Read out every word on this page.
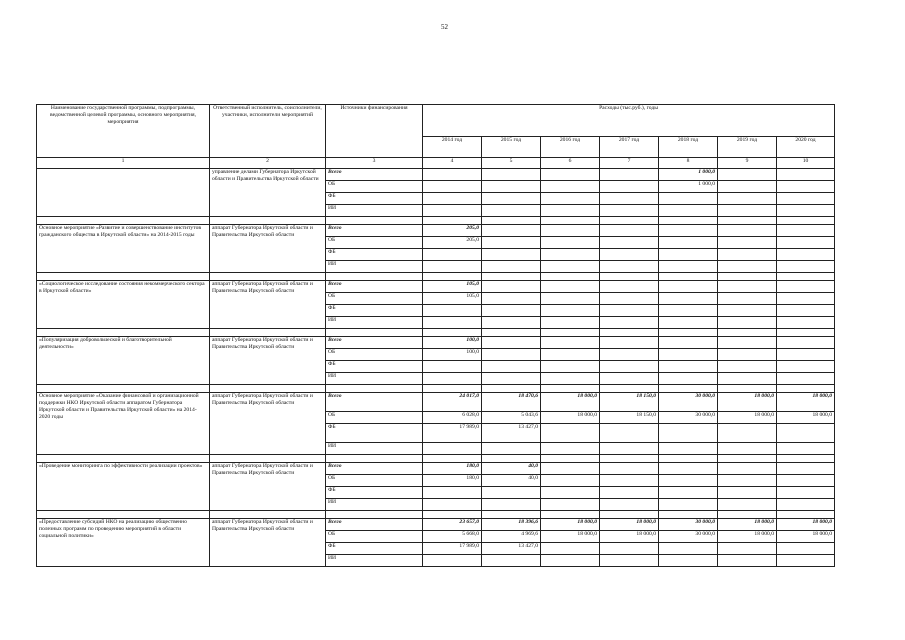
52
Наименование государственной программы, подпрограммы, ведомственной целевой программы, основного мероприятия, мероприятия	Ответственный исполнитель, соисполнители, участники, исполнители мероприятий	Источники финансирования	Расходы (тыс.руб.), годы						
			2014 год	2015 год	2016 год	2017 год	2018 год	2019 год	2020 год
1	2	3	4	5	6	7	8	9	10
	управление делами Губернатора Иркутской области и Правительства Иркутской области	Всего					1 000,0		
		ОБ					1 000,0		
		ФБ							
		ИИ							

Основное мероприятие «Развитие и совершенствование институтов гражданского общества в Иркутской области» на 2014-2015 годы	аппарат Губернатора Иркутской области и Правительства Иркутской области	Всего	205,0						
		ОБ	205,0						
		ФБ							
		ИИ							

«Социологическое исследование состояния некоммерческого сектора в Иркутской области»	аппарат Губернатора Иркутской области и Правительства Иркутской области	Всего	105,0						
		ОБ	105,0						
		ФБ							
		ИИ							

«Популяризация добровольческой и благотворительной деятельности»	аппарат Губернатора Иркутской области и Правительства Иркутской области	Всего	100,0						
		ОБ	100,0						
		ФБ							
		ИИ							

Основное мероприятие «Оказание финансовой и организационной поддержки НКО Иркутской области аппаратом Губернатора Иркутской области и Правительства Иркутской области» на 2014-2020 годы	аппарат Губернатора Иркутской области и Правительства Иркутской области	Всего	24 017,0	18 470,6	18 000,0	18 150,0	30 000,0	18 000,0	18 000,0
		ОБ	6 028,0	5 043,6	18 000,0	18 150,0	30 000,0	18 000,0	18 000,0
		ФБ	17 989,0	13 427,0					
		ИИ							

«Проведение мониторинга по эффективности реализации проектов»	аппарат Губернатора Иркутской области и Правительства Иркутской области	Всего	180,0	40,0					
		ОБ	180,0	40,0					
		ФБ							
		ИИ							

«Предоставление субсидий НКО на реализацию общественно полезных программ по проведению мероприятий в области социальной политики»	аппарат Губернатора Иркутской области и Правительства Иркутской области	Всего	23 657,0	18 396,6	18 000,0	18 000,0	30 000,0	18 000,0	18 000,0
		ОБ	5 668,0	4 969,6	18 000,0	18 000,0	30 000,0	18 000,0	18 000,0
		ФБ	17 989,0	13 427,0					
		ИИ							
